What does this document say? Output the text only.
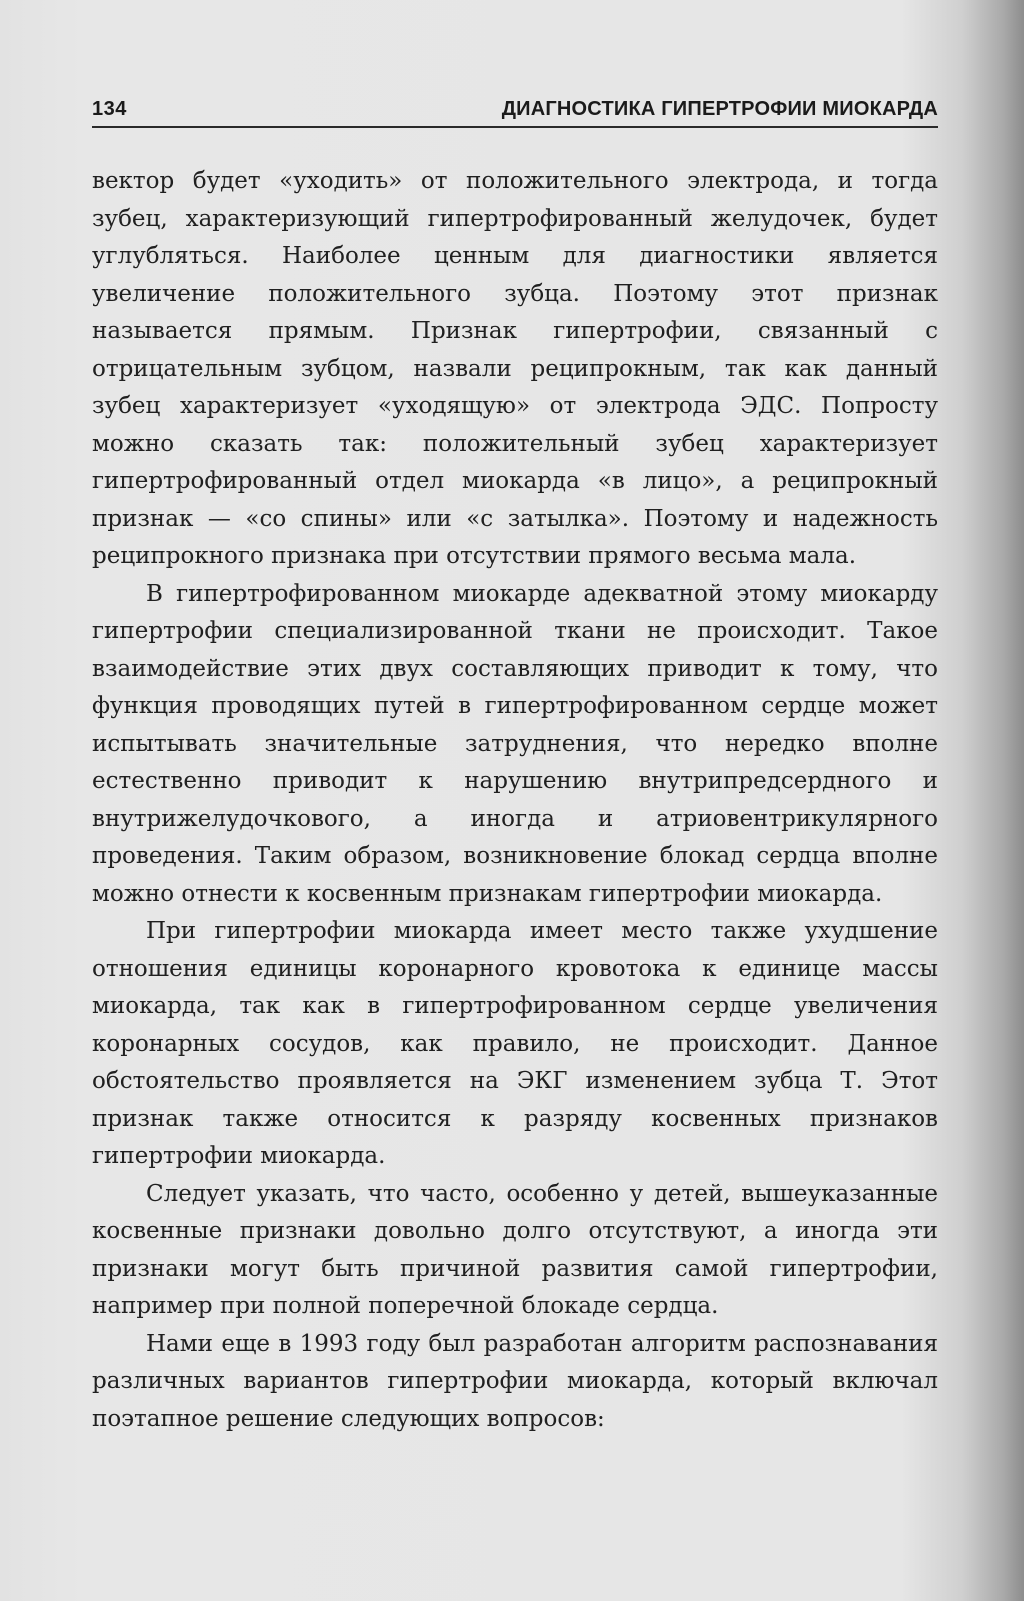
134	ДИАГНОСТИКА ГИПЕРТРОФИИ МИОКАРДА

вектор будет «уходить» от положительного электрода, и тогда зубец, характеризующий гипертрофированный желудочек, будет углубляться. Наиболее ценным для диагностики является увеличение положительного зубца. Поэтому этот признак называется прямым. Признак гипертрофии, связанный с отрицательным зубцом, назвали реципрокным, так как данный зубец характеризует «уходящую» от электрода ЭДС. Попросту можно сказать так: положительный зубец характеризует гипертрофированный отдел миокарда «в лицо», а реципрокный признак — «со спины» или «с затылка». Поэтому и надежность реципрокного признака при отсутствии прямого весьма мала.

В гипертрофированном миокарде адекватной этому миокарду гипертрофии специализированной ткани не происходит. Такое взаимодействие этих двух составляющих приводит к тому, что функция проводящих путей в гипертрофированном сердце может испытывать значительные затруднения, что нередко вполне естественно приводит к нарушению внутрипредсердного и внутрижелудочкового, а иногда и атриовентрикулярного проведения. Таким образом, возникновение блокад сердца вполне можно отнести к косвенным признакам гипертрофии миокарда.

При гипертрофии миокарда имеет место также ухудшение отношения единицы коронарного кровотока к единице массы миокарда, так как в гипертрофированном сердце увеличения коронарных сосудов, как правило, не происходит. Данное обстоятельство проявляется на ЭКГ изменением зубца Т. Этот признак также относится к разряду косвенных признаков гипертрофии миокарда.

Следует указать, что часто, особенно у детей, вышеуказанные косвенные признаки довольно долго отсутствуют, а иногда эти признаки могут быть причиной развития самой гипертрофии, например при полной поперечной блокаде сердца.

Нами еще в 1993 году был разработан алгоритм распознавания различных вариантов гипертрофии миокарда, который включал поэтапное решение следующих вопросов:
